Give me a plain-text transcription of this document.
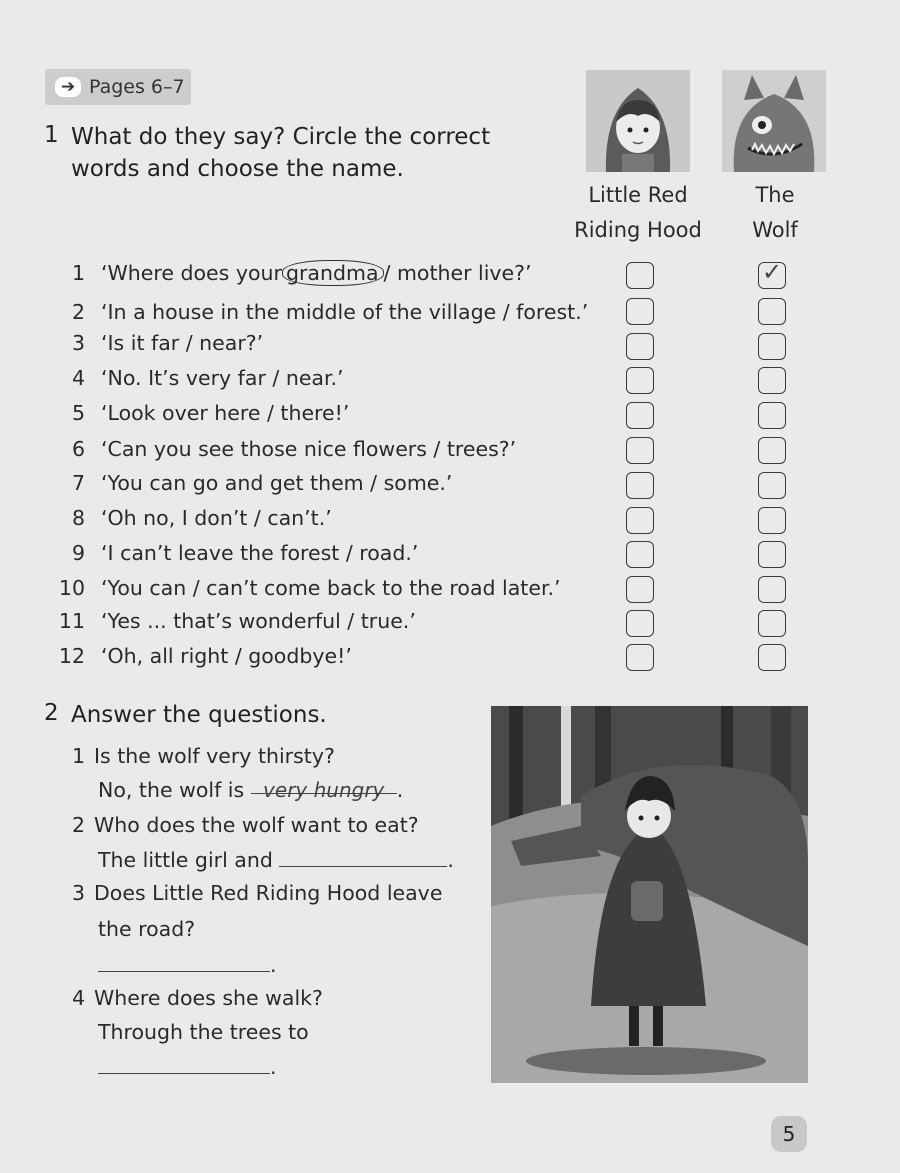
➔ Pages 6–7
1 What do they say? Circle the correct
words and choose the name.
Little Red
Riding Hood
The
Wolf
1 ‘Where does your grandma / mother live?’
2 ‘In a house in the middle of the village / forest.’
3 ‘Is it far / near?’
4 ‘No. It’s very far / near.’
5 ‘Look over here / there!’
6 ‘Can you see those nice flowers / trees?’
7 ‘You can go and get them / some.’
8 ‘Oh no, I don’t / can’t.’
9 ‘I can’t leave the forest / road.’
10 ‘You can / can’t come back to the road later.’
11 ‘Yes ... that’s wonderful / true.’
12 ‘Oh, all right / goodbye!’
✓
2 Answer the questions.
1 Is the wolf very thirsty?
No, the wolf is very hungry .
2 Who does the wolf want to eat?
The little girl and	.
3 Does Little Red Riding Hood leave
the road?
.
4 Where does she walk?
Through the trees to
.
5
